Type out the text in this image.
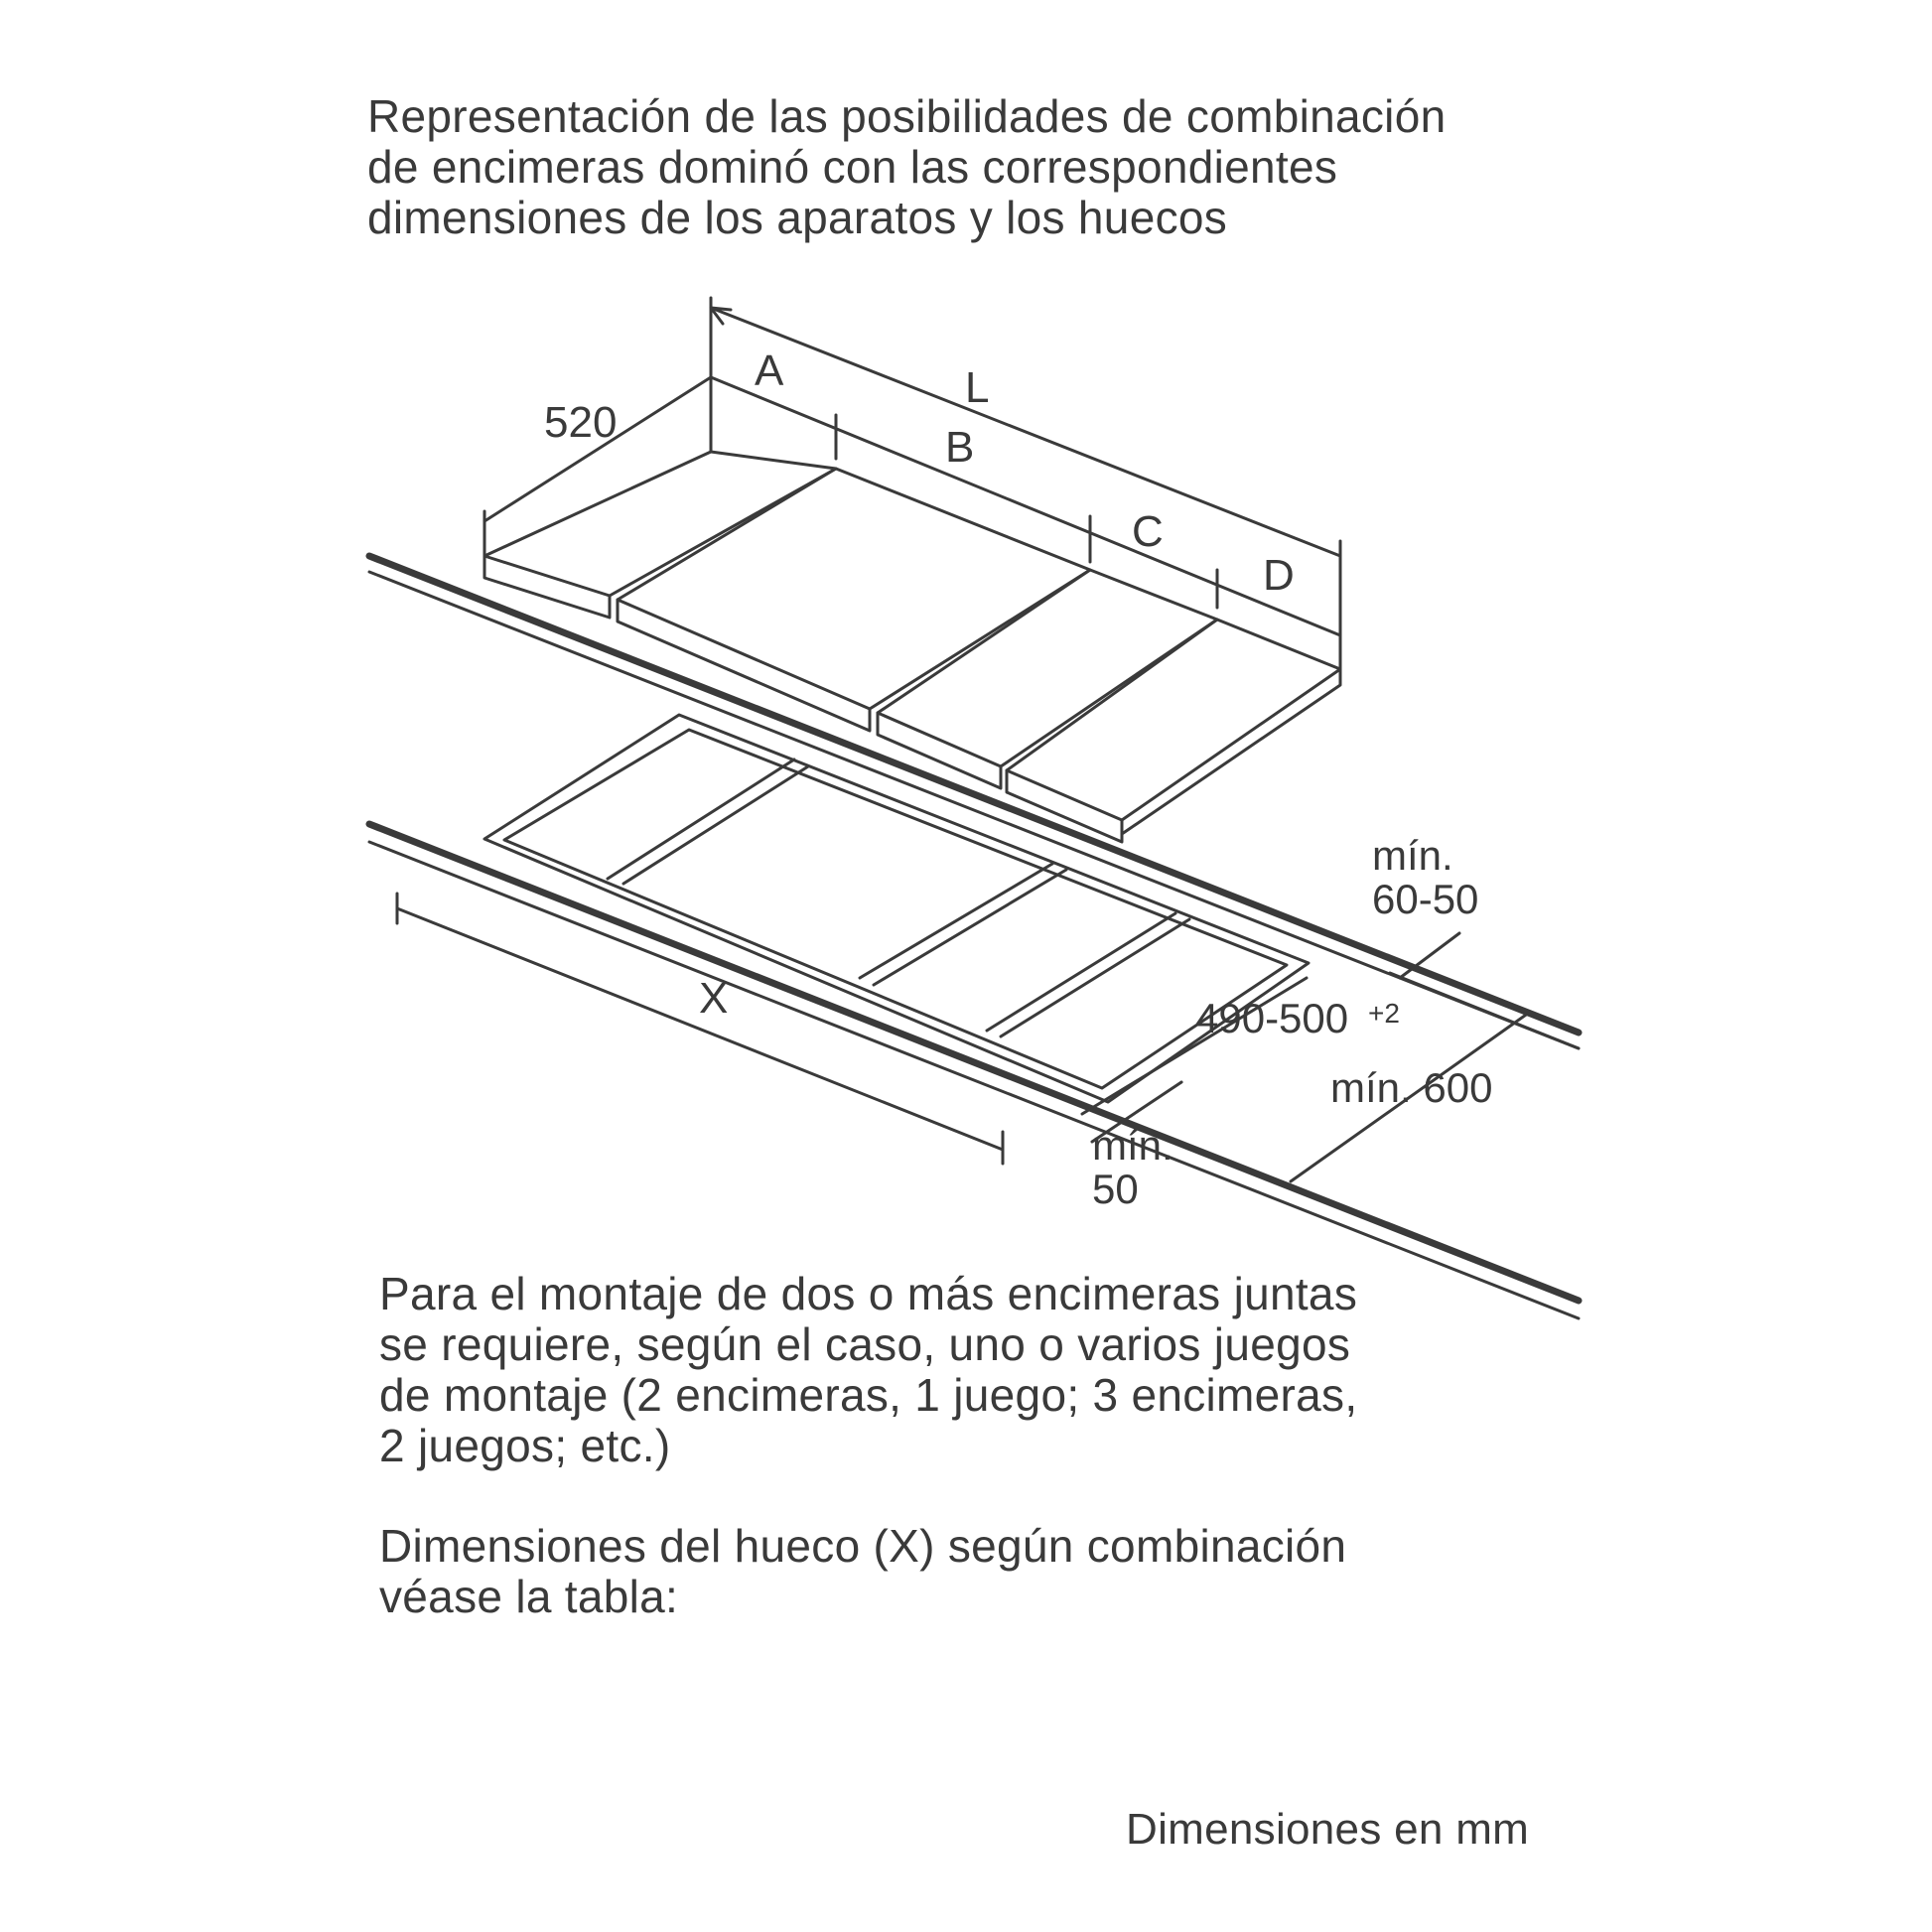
Representación de las posibilidades de combinación
de encimeras dominó con las correspondientes
dimensiones de los aparatos y los huecos

520
L
A
B
C
D
X
mín.
60-50
490-500 +2
mín. 600
mín.
50

Para el montaje de dos o más encimeras juntas
se requiere, según el caso, uno o varios juegos
de montaje (2 encimeras, 1 juego; 3 encimeras,
2 juegos; etc.)

Dimensiones del hueco (X) según combinación
véase la tabla:

Dimensiones en mm
